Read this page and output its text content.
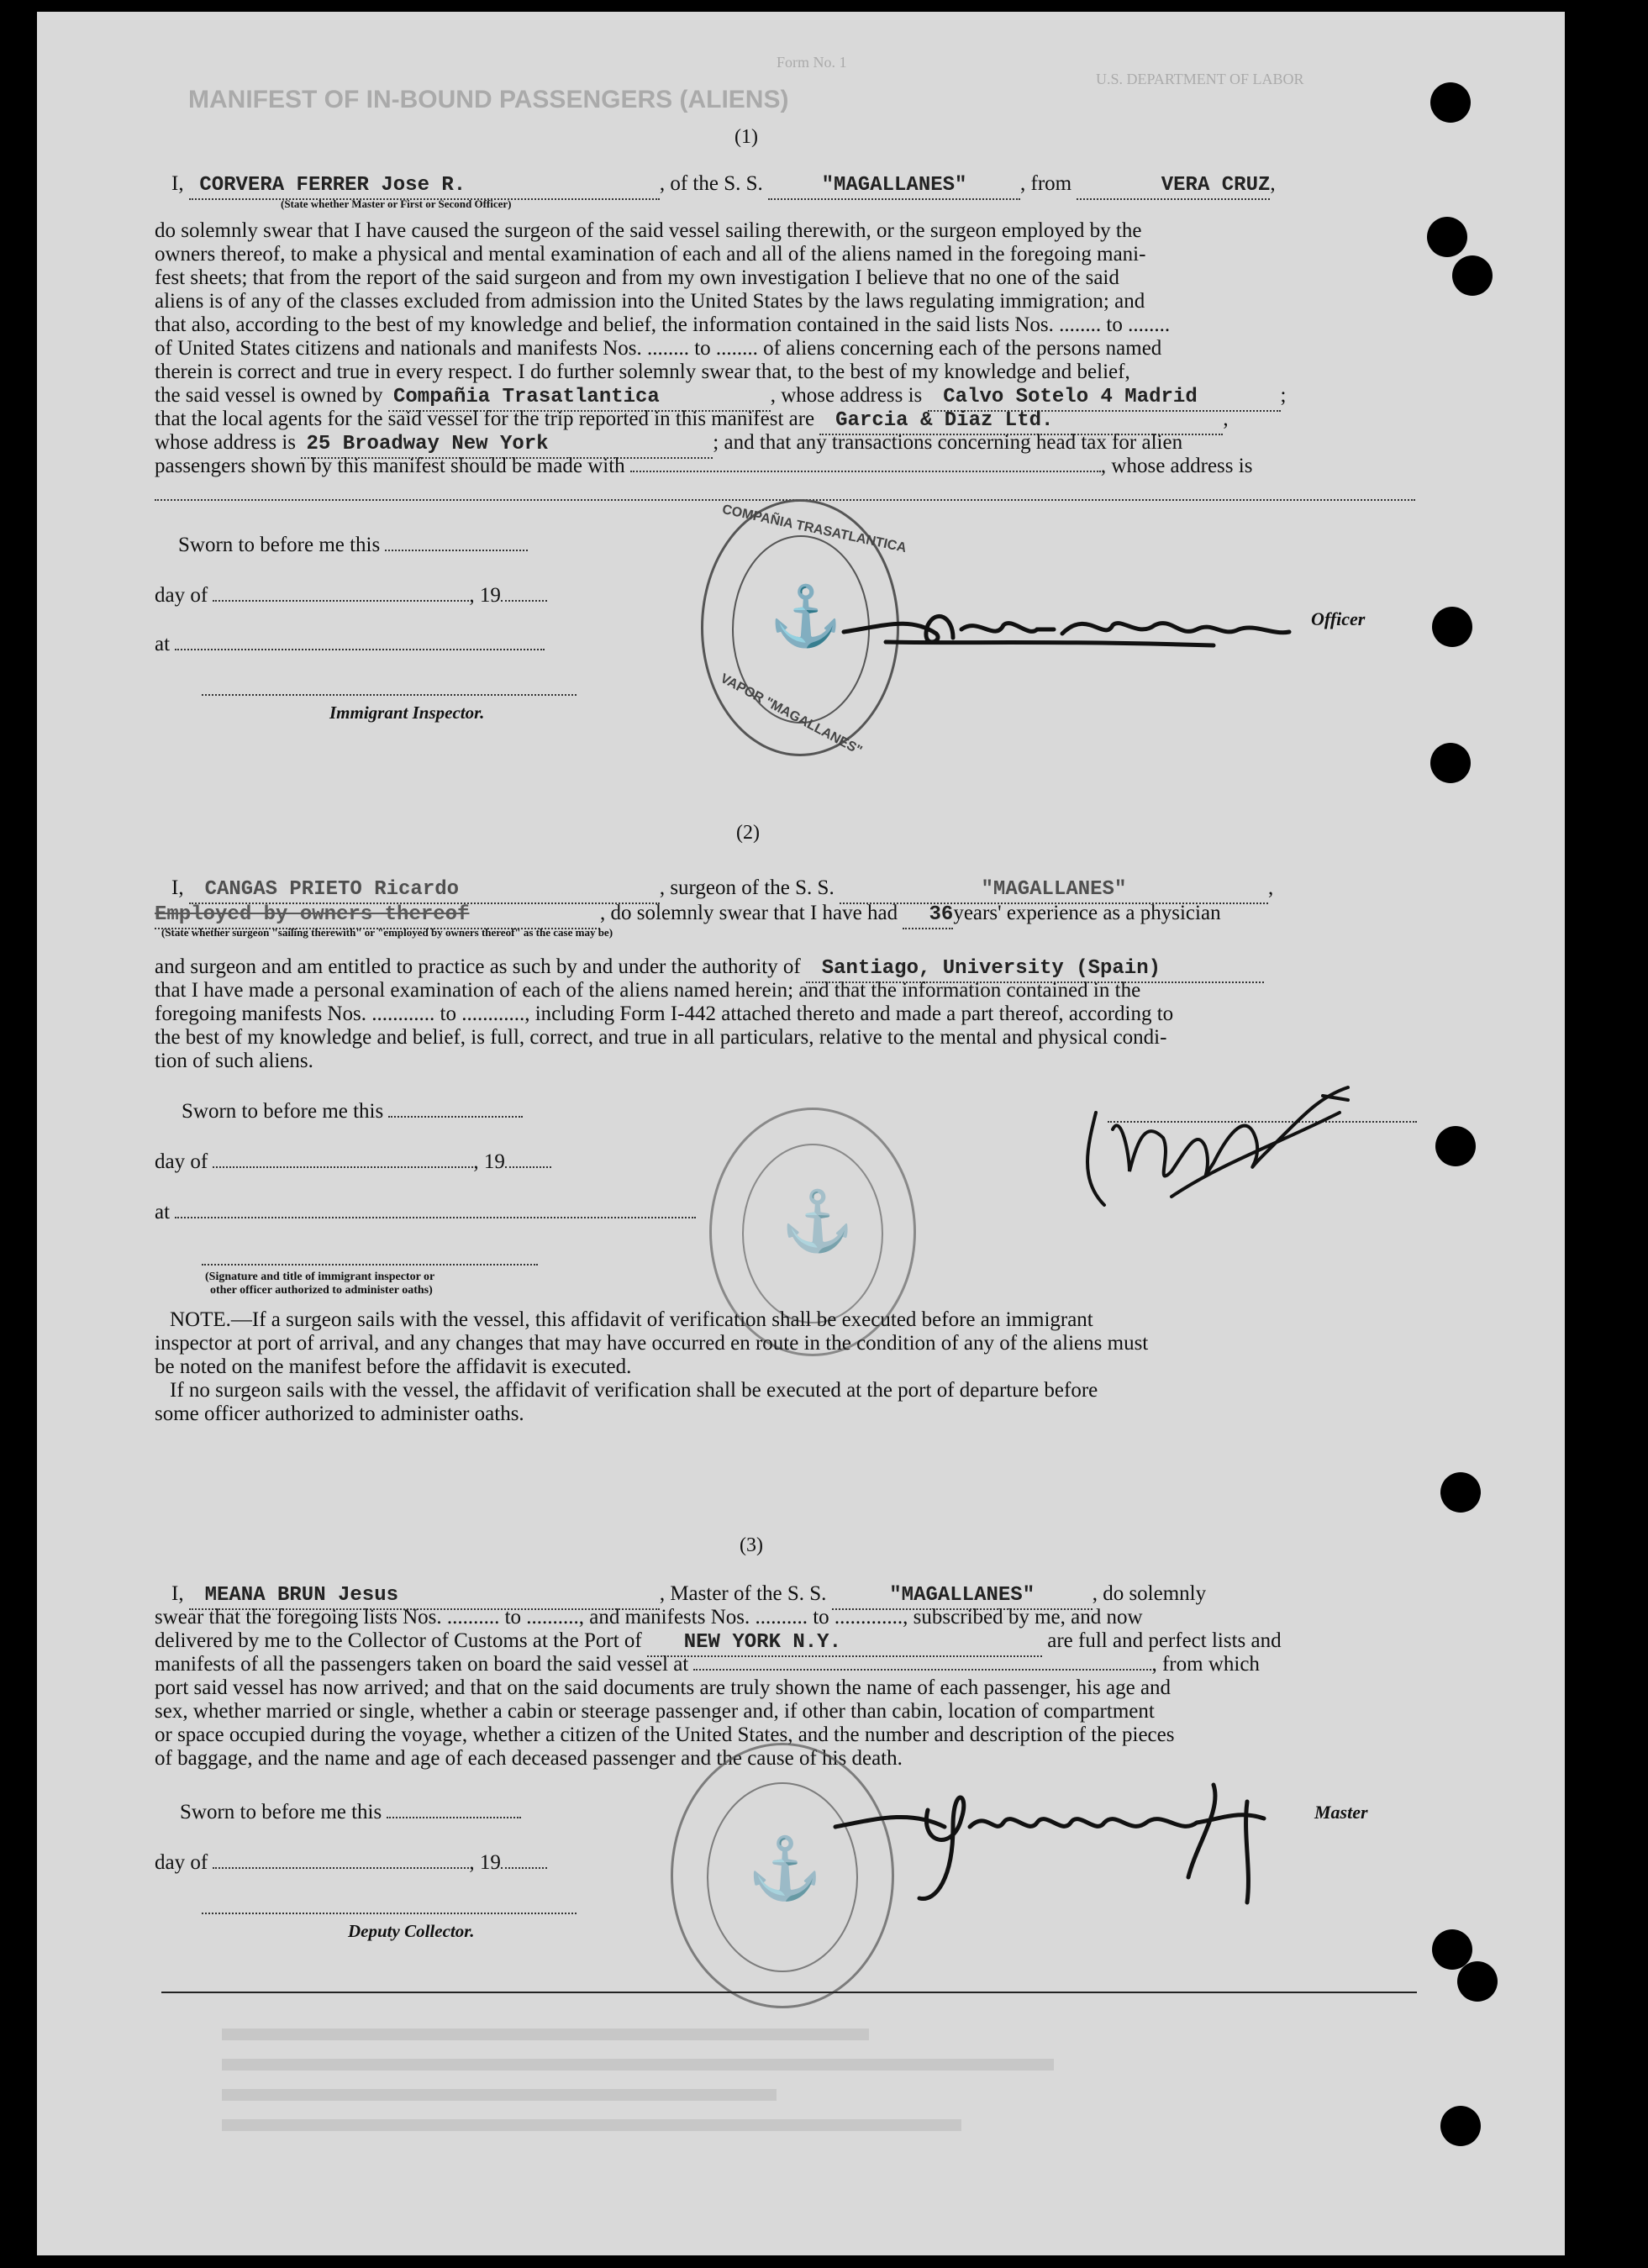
Form No. 1
MANIFEST OF IN-BOUND PASSENGERS (ALIENS)
U.S. DEPARTMENT OF LABOR
(1)
I,   CORVERA FERRER Jose R.	, of the S. S.	"MAGALLANES"	, from	VERA CRUZ,
(State whether Master or First or Second Officer)
do solemnly swear that I have caused the surgeon of the said vessel sailing therewith, or the surgeon employed by the
owners thereof, to make a physical and mental examination of each and all of the aliens named in the foregoing mani-
fest sheets; that from the report of the said surgeon and from my own investigation I believe that no one of the said
aliens is of any of the classes excluded from admission into the United States by the laws regulating immigration; and
that also, according to the best of my knowledge and belief, the information contained in the said lists Nos. ........ to ........
of United States citizens and nationals and manifests Nos. ........ to ........ of aliens concerning each of the persons named
therein is correct and true in every respect. I do further solemnly swear that, to the best of my knowledge and belief,
the said vessel is owned by  Compañia Trasatlantica	, whose address is    Calvo Sotelo 4 Madrid	;
that the local agents for the said vessel for the trip reported in this manifest are    Garcia & Diaz Ltd.	,
whose address is  25 Broadway New York	; and that any transactions concerning head tax for alien
passengers shown by this manifest should be made with	, whose address is
Sworn to before me this
day of	, 19
at
Immigrant Inspector.
COMPAÑIA TRASATLANTICA
VAPOR "MAGALLANES"
⚓	Officer
(2)
I,    CANGAS PRIETO Ricardo	, surgeon of the S. S.	"MAGALLANES"	,
Employed by owners thereof	, do solemnly swear that I have had 36years' experience as a physician
(State whether surgeon "sailing therewith" or "employed by owners thereof" as the case may be)
and surgeon and am entitled to practice as such by and under the authority of    Santiago, University (Spain)
that I have made a personal examination of each of the aliens named herein; and that the information contained in the
foregoing manifests Nos. ............ to ............, including Form I-442 attached thereto and made a part thereof, according to
the best of my knowledge and belief, is full, correct, and true in all particulars, relative to the mental and physical condi-
tion of such aliens.
Sworn to before me this
day of	, 19
at
(Signature and title of immigrant inspector or
other officer authorized to administer oaths)
⚓
NOTE.—If a surgeon sails with the vessel, this affidavit of verification shall be executed before an immigrant
inspector at port of arrival, and any changes that may have occurred en route in the condition of any of the aliens must
be noted on the manifest before the affidavit is executed.
If no surgeon sails with the vessel, the affidavit of verification shall be executed at the port of departure before
some officer authorized to administer oaths.
(3)
I,    MEANA BRUN Jesus	, Master of the S. S.	"MAGALLANES"	, do solemnly
swear that the foregoing lists Nos. .......... to .........., and manifests Nos. .......... to ............., subscribed by me, and now
delivered by me to the Collector of Customs at the Port of        NEW YORK N.Y.	are full and perfect lists and
manifests of all the passengers taken on board the said vessel at	, from which
port said vessel has now arrived; and that on the said documents are truly shown the name of each passenger, his age and
sex, whether married or single, whether a cabin or steerage passenger and, if other than cabin, location of compartment
or space occupied during the voyage, whether a citizen of the United States, and the number and description of the pieces
of baggage, and the name and age of each deceased passenger and the cause of his death.
Sworn to before me this
day of	, 19
Deputy Collector.
⚓
Master
